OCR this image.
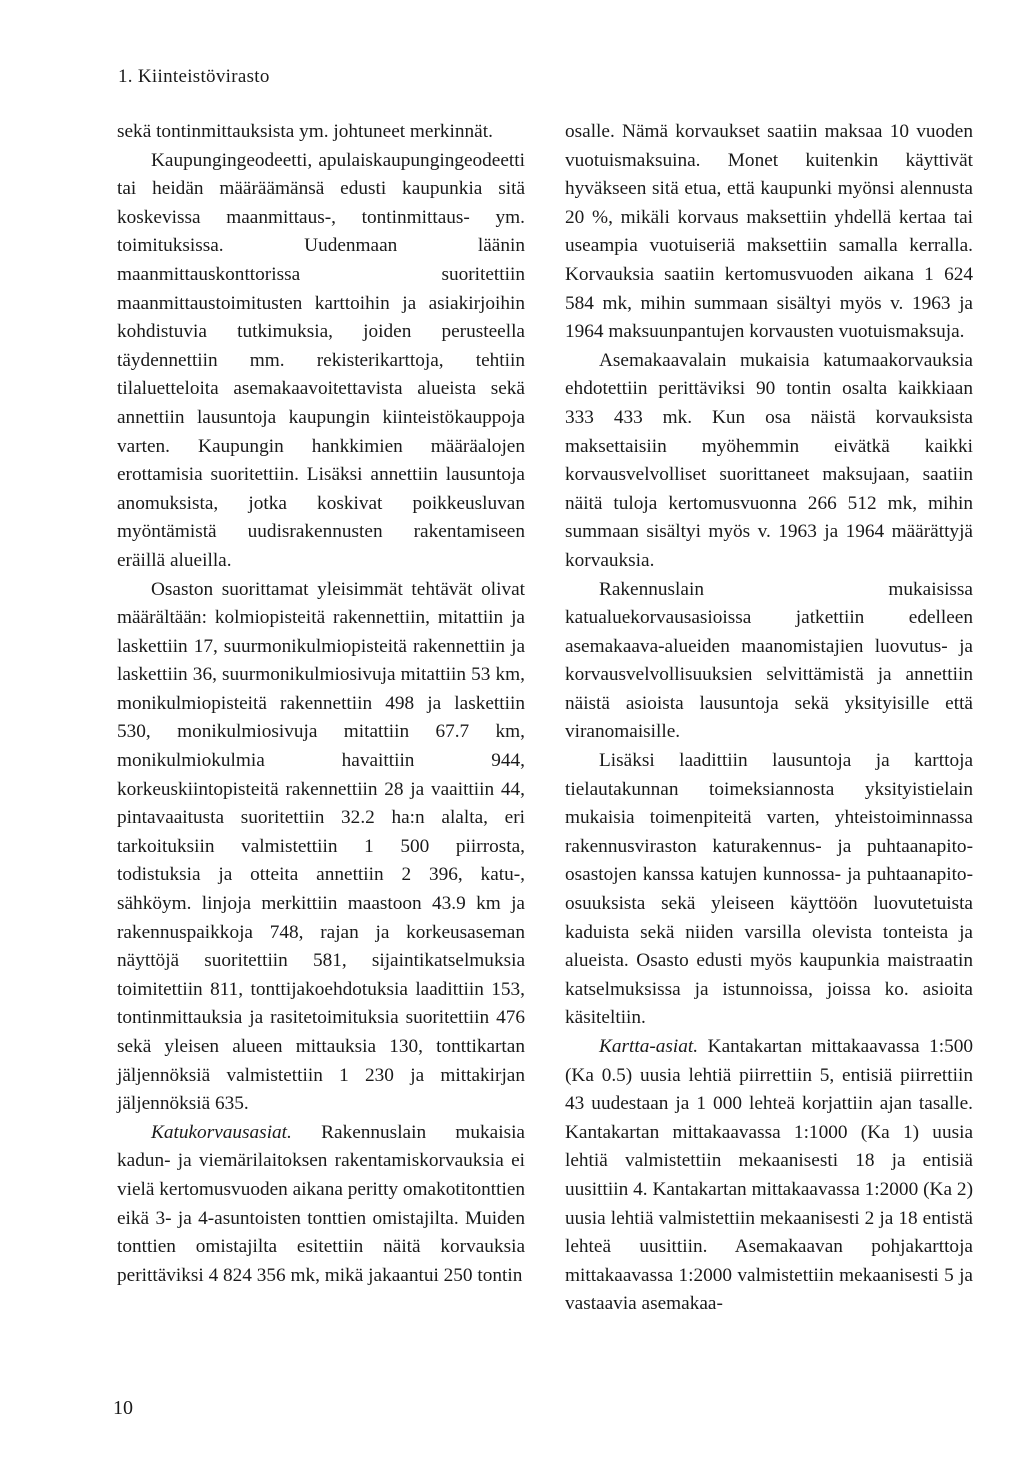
1. Kiinteistövirasto

sekä tontinmittauksista ym. johtuneet merkinnät.

Kaupungingeodeetti, apulaiskaupungingeodeetti tai heidän määräämänsä edusti kaupunkia sitä koskevissa maanmittaus-, tontinmittaus- ym. toimituksissa. Uudenmaan läänin maanmittauskonttorissa suoritettiin maanmittaustoimitusten karttoihin ja asiakirjoihin kohdistuvia tutkimuksia, joiden perusteella täydennettiin mm. rekisterikarttoja, tehtiin tilaluetteloita asemakaavoitettavista alueista sekä annettiin lausuntoja kaupungin kiinteistökauppoja varten. Kaupungin hankkimien määräalojen erottamisia suoritettiin. Lisäksi annettiin lausuntoja anomuksista, jotka koskivat poikkeusluvan myöntämistä uudisrakennusten rakentamiseen eräillä alueilla.

Osaston suorittamat yleisimmät tehtävät olivat määrältään: kolmiopisteitä rakennettiin, mitattiin ja laskettiin 17, suurmonikulmiopisteitä rakennettiin ja laskettiin 36, suurmonikulmiosivuja mitattiin 53 km, monikulmiopisteitä rakennettiin 498 ja laskettiin 530, monikulmiosivuja mitattiin 67.7 km, monikulmiokulmia havaittiin 944, korkeuskiintopisteitä rakennettiin 28 ja vaaittiin 44, pintavaaitusta suoritettiin 32.2 ha:n alalta, eri tarkoituksiin valmistettiin 1 500 piirrosta, todistuksia ja otteita annettiin 2 396, katu-, sähköym. linjoja merkittiin maastoon 43.9 km ja rakennuspaikkoja 748, rajan ja korkeusaseman näyttöjä suoritettiin 581, sijaintikatselmuksia toimitettiin 811, tonttijakoehdotuksia laadittiin 153, tontinmittauksia ja rasitetoimituksia suoritettiin 476 sekä yleisen alueen mittauksia 130, tonttikartan jäljennöksiä valmistettiin 1 230 ja mittakirjan jäljennöksiä 635.

Katukorvausasiat. Rakennuslain mukaisia kadun- ja viemärilaitoksen rakentamiskorvauksia ei vielä kertomusvuoden aikana peritty omakotitonttien eikä 3- ja 4-asuntoisten tonttien omistajilta. Muiden tonttien omistajilta esitettiin näitä korvauksia perittäviksi 4 824 356 mk, mikä jakaantui 250 tontin

osalle. Nämä korvaukset saatiin maksaa 10 vuoden vuotuismaksuina. Monet kuitenkin käyttivät hyväkseen sitä etua, että kaupunki myönsi alennusta 20 %, mikäli korvaus maksettiin yhdellä kertaa tai useampia vuotuiseriä maksettiin samalla kerralla. Korvauksia saatiin kertomusvuoden aikana 1 624 584 mk, mihin summaan sisältyi myös v. 1963 ja 1964 maksuunpantujen korvausten vuotuismaksuja.

Asemakaavalain mukaisia katumaakorvauksia ehdotettiin perittäviksi 90 tontin osalta kaikkiaan 333 433 mk. Kun osa näistä korvauksista maksettaisiin myöhemmin eivätkä kaikki korvausvelvolliset suorittaneet maksujaan, saatiin näitä tuloja kertomusvuonna 266 512 mk, mihin summaan sisältyi myös v. 1963 ja 1964 määrättyjä korvauksia.

Rakennuslain mukaisissa katualuekorvausasioissa jatkettiin edelleen asemakaava-alueiden maanomistajien luovutus- ja korvausvelvollisuuksien selvittämistä ja annettiin näistä asioista lausuntoja sekä yksityisille että viranomaisille.

Lisäksi laadittiin lausuntoja ja karttoja tielautakunnan toimeksiannosta yksityistielain mukaisia toimenpiteitä varten, yhteistoiminnassa rakennusviraston katurakennus- ja puhtaanapito-osastojen kanssa katujen kunnossa- ja puhtaanapito-osuuksista sekä yleiseen käyttöön luovutetuista kaduista sekä niiden varsilla olevista tonteista ja alueista. Osasto edusti myös kaupunkia maistraatin katselmuksissa ja istunnoissa, joissa ko. asioita käsiteltiin.

Kartta-asiat. Kantakartan mittakaavassa 1:500 (Ka 0.5) uusia lehtiä piirrettiin 5, entisiä piirrettiin 43 uudestaan ja 1 000 lehteä korjattiin ajan tasalle. Kantakartan mittakaavassa 1:1000 (Ka 1) uusia lehtiä valmistettiin mekaanisesti 18 ja entisiä uusittiin 4. Kantakartan mittakaavassa 1:2000 (Ka 2) uusia lehtiä valmistettiin mekaanisesti 2 ja 18 entistä lehteä uusittiin. Asemakaavan pohjakarttoja mittakaavassa 1:2000 valmistettiin mekaanisesti 5 ja vastaavia asemakaa-

10
